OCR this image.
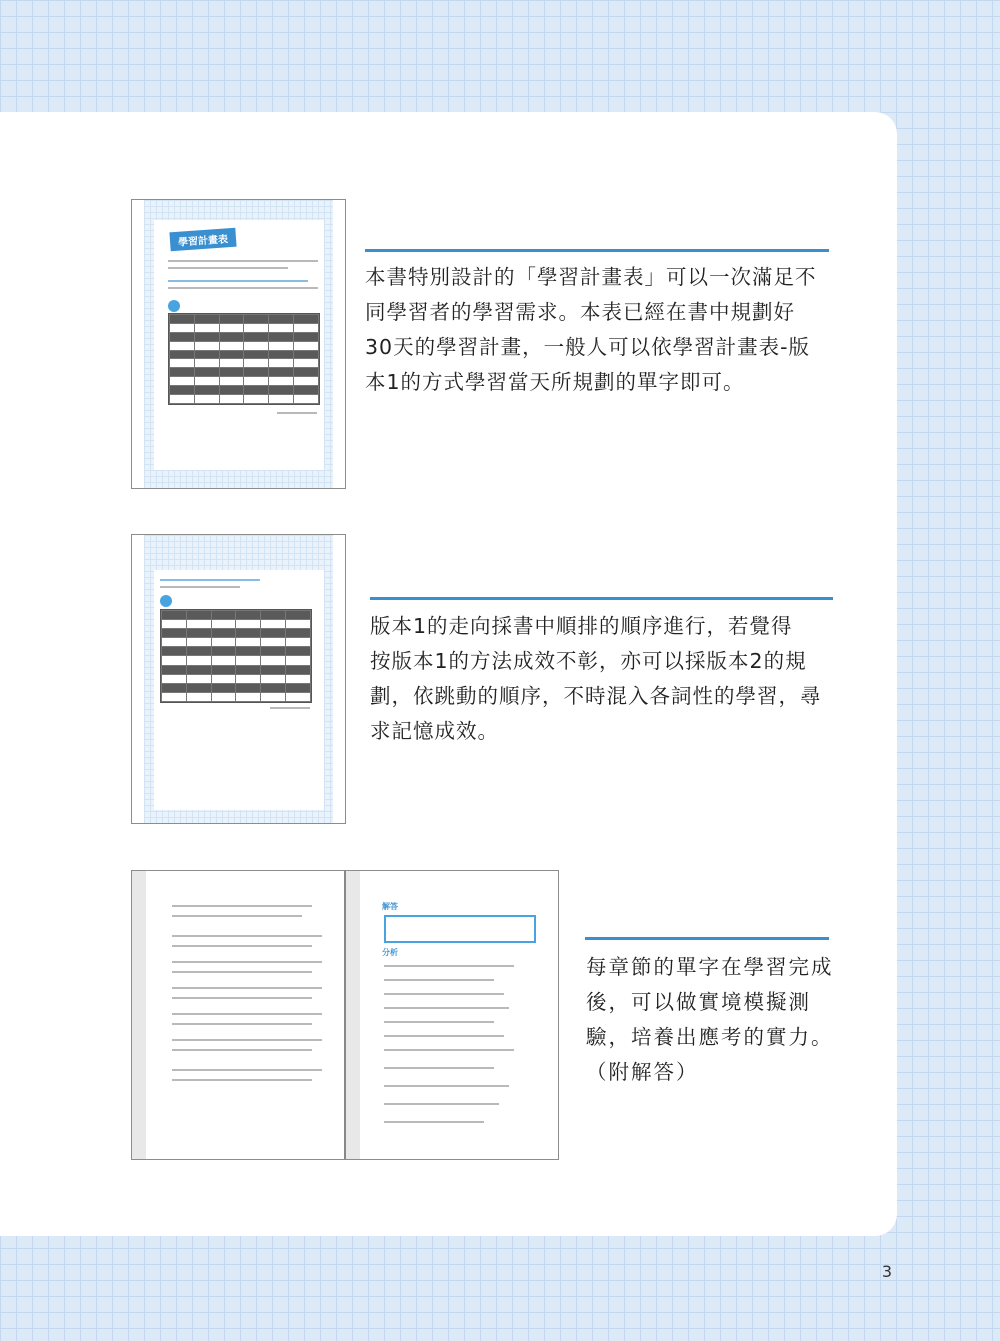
學習計畫表

本書特別設計的「學習計畫表」可以一次滿足不
同學習者的學習需求。本表已經在書中規劃好
30天的學習計畫，一般人可以依學習計畫表-版
本1的方式學習當天所規劃的單字即可。

版本1的走向採書中順排的順序進行，若覺得
按版本1的方法成效不彰，亦可以採版本2的規
劃，依跳動的順序，不時混入各詞性的學習，尋
求記憶成效。
解答
分析
每章節的單字在學習完成
後，可以做實境模擬測
驗，培養出應考的實力。
（附解答）
3
